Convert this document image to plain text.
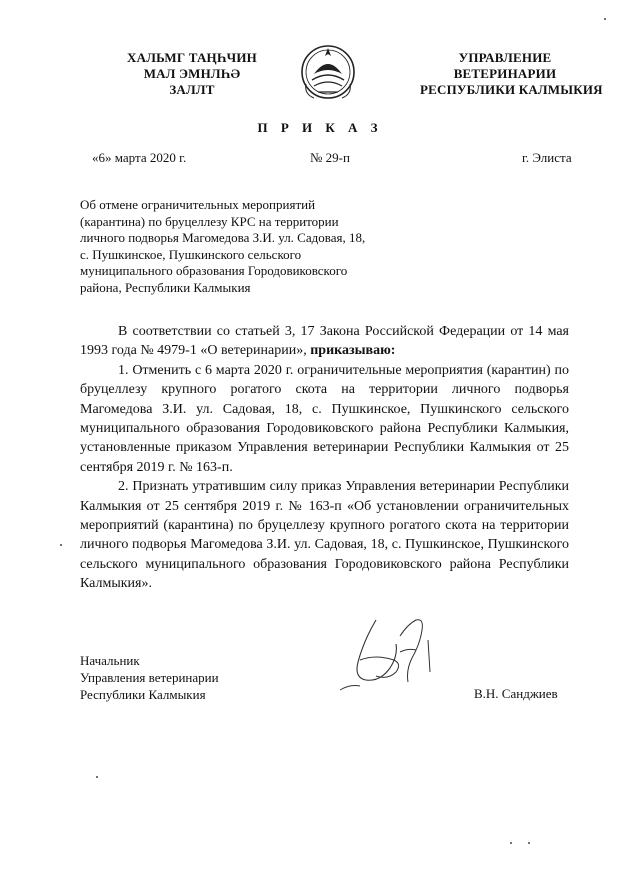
ХАЛЬМГ ТАҢҺЧИН
МАЛ ЭМНЛҺӘ
ЗАЛЛТ
УПРАВЛЕНИЕ
ВЕТЕРИНАРИИ
РЕСПУБЛИКИ КАЛМЫКИЯ
П Р И К А З
«6» марта 2020 г.	№ 29-п	г. Элиста
Об отмене ограничительных мероприятий
(карантина) по бруцеллезу КРС на территории
личного подворья Магомедова З.И. ул. Садовая, 18,
с. Пушкинское, Пушкинского сельского
муниципального образования Городовиковского
района, Республики Калмыкия

В соответствии со статьей 3, 17 Закона Российской Федерации от 14 мая 1993 года № 4979-1 «О ветеринарии», приказываю:

1. Отменить с 6 марта 2020 г. ограничительные мероприятия (карантин) по бруцеллезу крупного рогатого скота на территории личного подворья Магомедова З.И. ул. Садовая, 18, с. Пушкинское, Пушкинского сельского муниципального образования Городовиковского района Республики Калмыкия, установленные приказом Управления ветеринарии Республики Калмыкия от 25 сентября 2019 г. № 163-п.

2. Признать утратившим силу приказ Управления ветеринарии Республики Калмыкия от 25 сентября 2019 г. № 163-п «Об установлении ограничительных мероприятий (карантина) по бруцеллезу крупного рогатого скота на территории личного подворья Магомедова З.И. ул. Садовая, 18, с. Пушкинское, Пушкинского сельского муниципального образования Городовиковского района Республики Калмыкия».

Начальник
Управления ветеринарии
Республики Калмыкия	В.Н. Санджиев
